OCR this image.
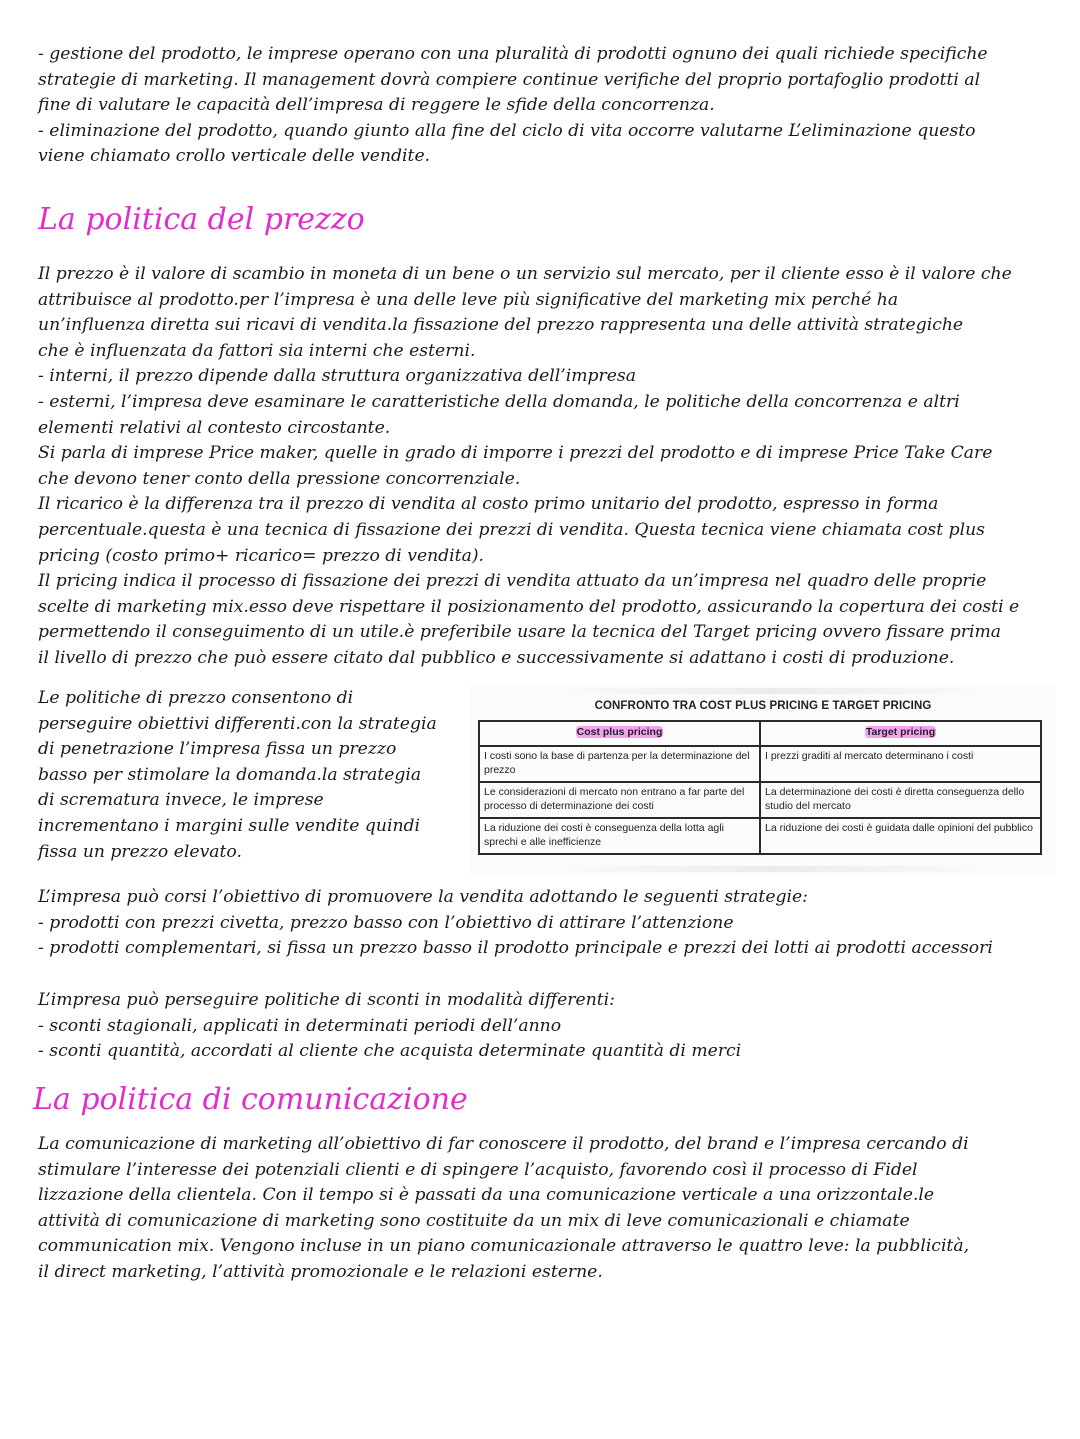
- gestione del prodotto, le imprese operano con una pluralità di prodotti ognuno dei quali richiede specifiche
strategie di marketing. Il management dovrà compiere continue verifiche del proprio portafoglio prodotti al
fine di valutare le capacità dell’impresa di reggere le sfide della concorrenza.
- eliminazione del prodotto, quando giunto alla fine del ciclo di vita occorre valutarne L’eliminazione questo
viene chiamato crollo verticale delle vendite.
La politica del prezzo
Il prezzo è il valore di scambio in moneta di un bene o un servizio sul mercato, per il cliente esso è il valore che
attribuisce al prodotto.per l’impresa è una delle leve più significative del marketing mix perché ha
un’influenza diretta sui ricavi di vendita.la fissazione del prezzo rappresenta una delle attività strategiche
che è influenzata da fattori sia interni che esterni.
- interni, il prezzo dipende dalla struttura organizzativa dell’impresa
- esterni, l’impresa deve esaminare le caratteristiche della domanda, le politiche della concorrenza e altri
elementi relativi al contesto circostante.
Si parla di imprese Price maker, quelle in grado di imporre i prezzi del prodotto e di imprese Price Take Care
che devono tener conto della pressione concorrenziale.
Il ricarico è la differenza tra il prezzo di vendita al costo primo unitario del prodotto, espresso in forma
percentuale.questa è una tecnica di fissazione dei prezzi di vendita. Questa tecnica viene chiamata cost plus
pricing (costo primo+ ricarico= prezzo di vendita).
Il pricing indica il processo di fissazione dei prezzi di vendita attuato da un’impresa nel quadro delle proprie
scelte di marketing mix.esso deve rispettare il posizionamento del prodotto, assicurando la copertura dei costi e
permettendo il conseguimento di un utile.è preferibile usare la tecnica del Target pricing ovvero fissare prima
il livello di prezzo che può essere citato dal pubblico e successivamente si adattano i costi di produzione.
Le politiche di prezzo consentono di
perseguire obiettivi differenti.con la strategia
di penetrazione l’impresa fissa un prezzo
basso per stimolare la domanda.la strategia
di scrematura invece, le imprese
incrementano i margini sulle vendite quindi
fissa un prezzo elevato.
CONFRONTO TRA COST PLUS PRICING E TARGET PRICING
Cost plus pricing	Target pricing
I costi sono la base di partenza per la determinazione del prezzo	I prezzi graditi al mercato determinano i costi
Le considerazioni di mercato non entrano a far parte del processo di determinazione dei costi	La determinazione dei costi è diretta conseguenza dello studio del mercato
La riduzione dei costi è conseguenza della lotta agli sprechi e alle inefficienze	La riduzione dei costi è guidata dalle opinioni del pubblico
L’impresa può corsi l’obiettivo di promuovere la vendita adottando le seguenti strategie:
- prodotti con prezzi civetta, prezzo basso con l’obiettivo di attirare l’attenzione
- prodotti complementari, si fissa un prezzo basso il prodotto principale e prezzi dei lotti ai prodotti accessori
L’impresa può perseguire politiche di sconti in modalità differenti:
- sconti stagionali, applicati in determinati periodi dell’anno
- sconti quantità, accordati al cliente che acquista determinate quantità di merci
La politica di comunicazione
La comunicazione di marketing all’obiettivo di far conoscere il prodotto, del brand e l’impresa cercando di
stimulare l’interesse dei potenziali clienti e di spingere l’acquisto, favorendo così il processo di Fidel
lizzazione della clientela. Con il tempo si è passati da una comunicazione verticale a una orizzontale.le
attività di comunicazione di marketing sono costituite da un mix di leve comunicazionali e chiamate
communication mix. Vengono incluse in un piano comunicazionale attraverso le quattro leve: la pubblicità,
il direct marketing, l’attività promozionale e le relazioni esterne.
